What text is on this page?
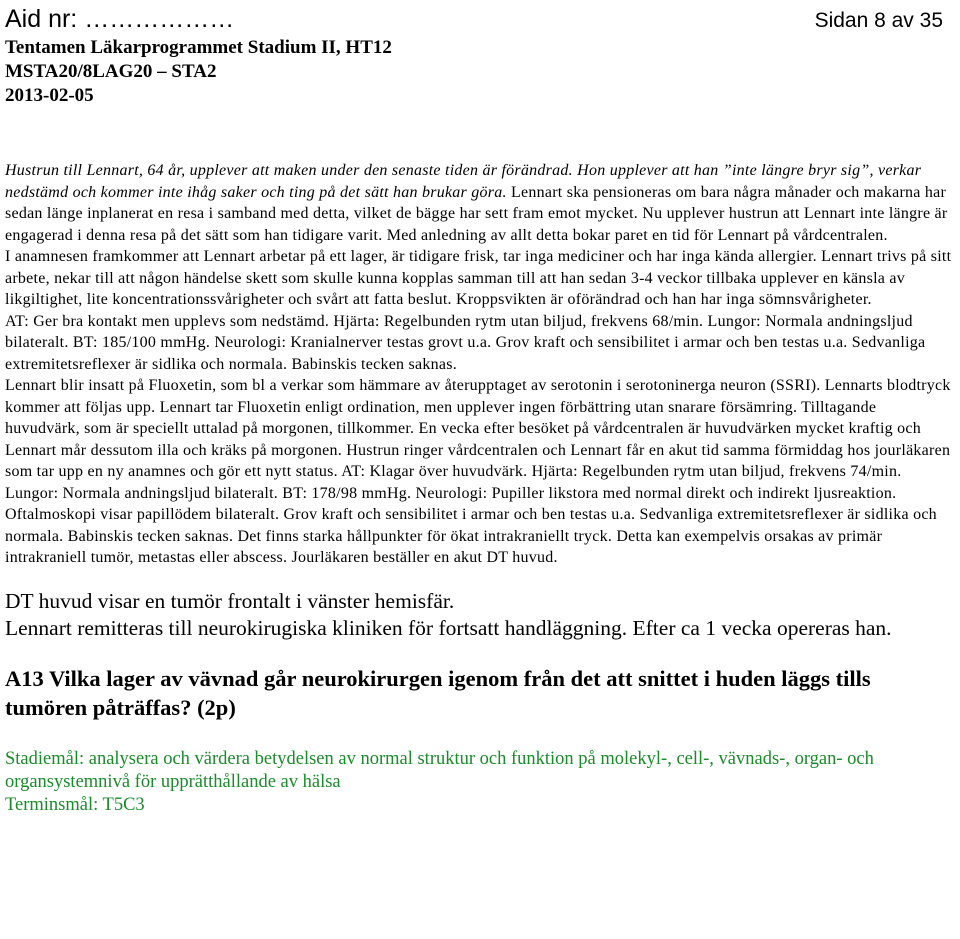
Aid nr: ………………	Sidan 8 av 35
Tentamen Läkarprogrammet Stadium II, HT12
MSTA20/8LAG20 – STA2
2013-02-05

Hustrun till Lennart, 64 år, upplever att maken under den senaste tiden är förändrad. Hon upplever att han ”inte längre bryr sig”, verkar nedstämd och kommer inte ihåg saker och ting på det sätt han brukar göra. Lennart ska pensioneras om bara några månader och makarna har sedan länge inplanerat en resa i samband med detta, vilket de bägge har sett fram emot mycket. Nu upplever hustrun att Lennart inte längre är engagerad i denna resa på det sätt som han tidigare varit. Med anledning av allt detta bokar paret en tid för Lennart på vårdcentralen.

I anamnesen framkommer att Lennart arbetar på ett lager, är tidigare frisk, tar inga mediciner och har inga kända allergier. Lennart trivs på sitt arbete, nekar till att någon händelse skett som skulle kunna kopplas samman till att han sedan 3-4 veckor tillbaka upplever en känsla av likgiltighet, lite koncentrationssvårigheter och svårt att fatta beslut. Kroppsvikten är oförändrad och han har inga sömnsvårigheter.

AT: Ger bra kontakt men upplevs som nedstämd. Hjärta: Regelbunden rytm utan biljud, frekvens 68/min. Lungor: Normala andningsljud bilateralt. BT: 185/100 mmHg. Neurologi: Kranialnerver testas grovt u.a. Grov kraft och sensibilitet i armar och ben testas u.a. Sedvanliga extremitetsreflexer är sidlika och normala. Babinskis tecken saknas.

Lennart blir insatt på Fluoxetin, som bl a verkar som hämmare av återupptaget av serotonin i serotoninerga neuron (SSRI). Lennarts blodtryck kommer att följas upp. Lennart tar Fluoxetin enligt ordination, men upplever ingen förbättring utan snarare försämring. Tilltagande huvudvärk, som är speciellt uttalad på morgonen, tillkommer. En vecka efter besöket på vårdcentralen är huvudvärken mycket kraftig och Lennart mår dessutom illa och kräks på morgonen. Hustrun ringer vårdcentralen och Lennart får en akut tid samma förmiddag hos jourläkaren som tar upp en ny anamnes och gör ett nytt status. AT: Klagar över huvudvärk. Hjärta: Regelbunden rytm utan biljud, frekvens 74/min. Lungor: Normala andningsljud bilateralt. BT: 178/98 mmHg. Neurologi: Pupiller likstora med normal direkt och indirekt ljusreaktion. Oftalmoskopi visar papillödem bilateralt. Grov kraft och sensibilitet i armar och ben testas u.a. Sedvanliga extremitetsreflexer är sidlika och normala. Babinskis tecken saknas. Det finns starka hållpunkter för ökat intrakraniellt tryck. Detta kan exempelvis orsakas av primär intrakraniell tumör, metastas eller abscess. Jourläkaren beställer en akut DT huvud.

DT huvud visar en tumör frontalt i vänster hemisfär.

Lennart remitteras till neurokirugiska kliniken för fortsatt handläggning. Efter ca 1 vecka opereras han.

A13 Vilka lager av vävnad går neurokirurgen igenom från det att snittet i huden läggs tills tumören påträffas? (2p)

Stadiemål: analysera och värdera betydelsen av normal struktur och funktion på molekyl-, cell-, vävnads-, organ- och organsystemnivå för upprätthållande av hälsa

Terminsmål: T5C3
